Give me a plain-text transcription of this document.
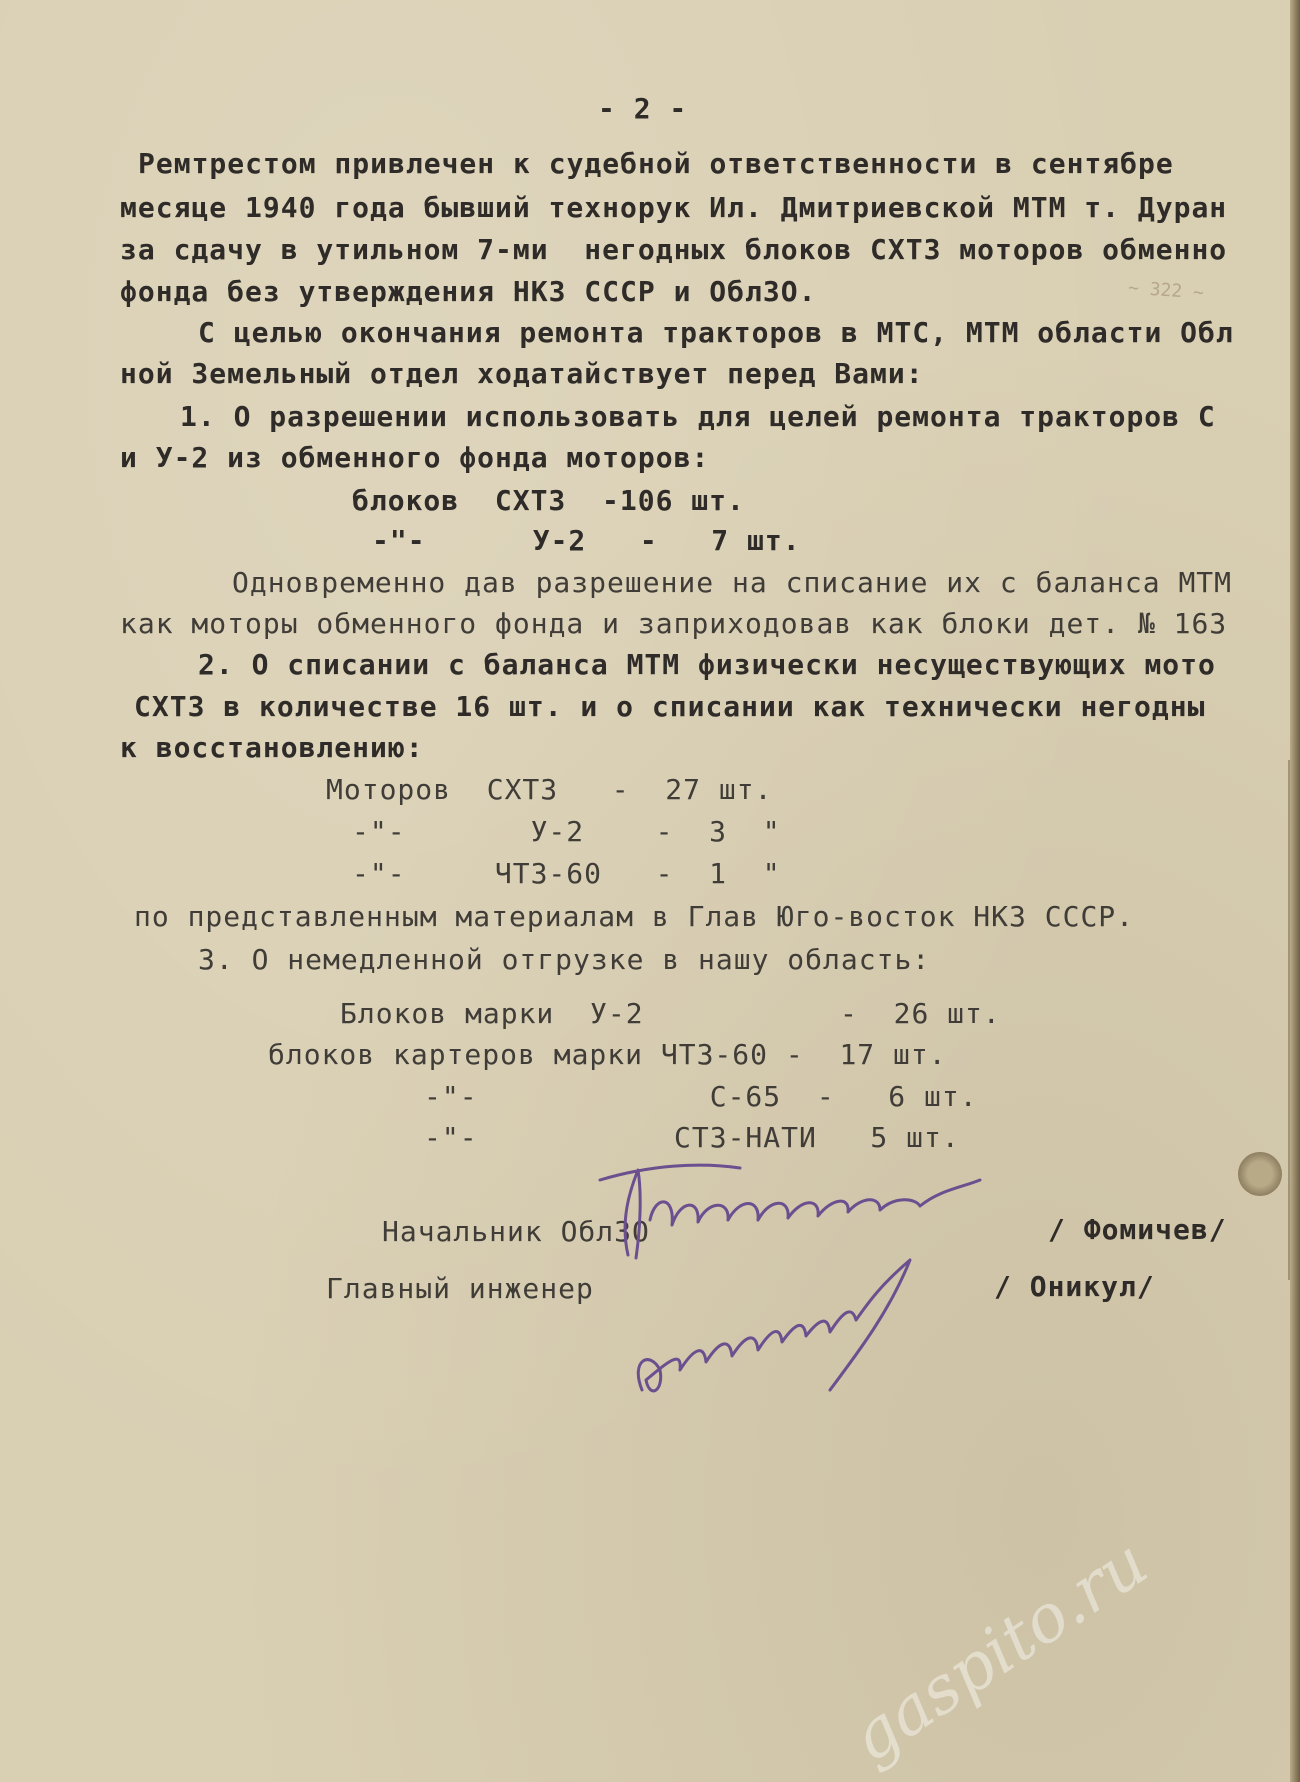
~ 322 ~
- 2 -
Ремтрестом привлечен к судебной ответственности в сентябре
месяце 1940 года бывший технорук Ил. Дмитриевской МТМ т. Дуран
за сдачу в утильном 7-ми  негодных блоков СХТЗ моторов обменно
фонда без утверждения НКЗ СССР и ОблЗО.
С целью окончания ремонта тракторов в МТС, МТМ области Обл
ной Земельный отдел ходатайствует перед Вами:
1. О разрешении использовать для целей ремонта тракторов С
и У-2 из обменного фонда моторов:
блоков  СХТЗ  -106 шт.
-"-      У-2   -   7 шт.
Одновременно дав разрешение на списание их с баланса МТМ
как моторы обменного фонда и заприходовав как блоки дет. № 163
2. О списании с баланса МТМ физически несуществующих мото
СХТЗ в количестве 16 шт. и о списании как технически негодны
к восстановлению:
Моторов  СХТЗ   -  27 шт.
-"-       У-2    -  3  "
-"-     ЧТЗ-60   -  1  "
по представленным материалам в Глав Юго-восток НКЗ СССР.
3. О немедленной отгрузке в нашу область:
Блоков марки  У-2           -  26 шт.
блоков картеров марки ЧТЗ-60 -  17 шт.
-"-             С-65  -   6 шт.
-"-           СТЗ-НАТИ   5 шт.
Начальник ОблЗО	/ Фомичев/
Главный инженер	/ Оникул/
gaspito.ru
